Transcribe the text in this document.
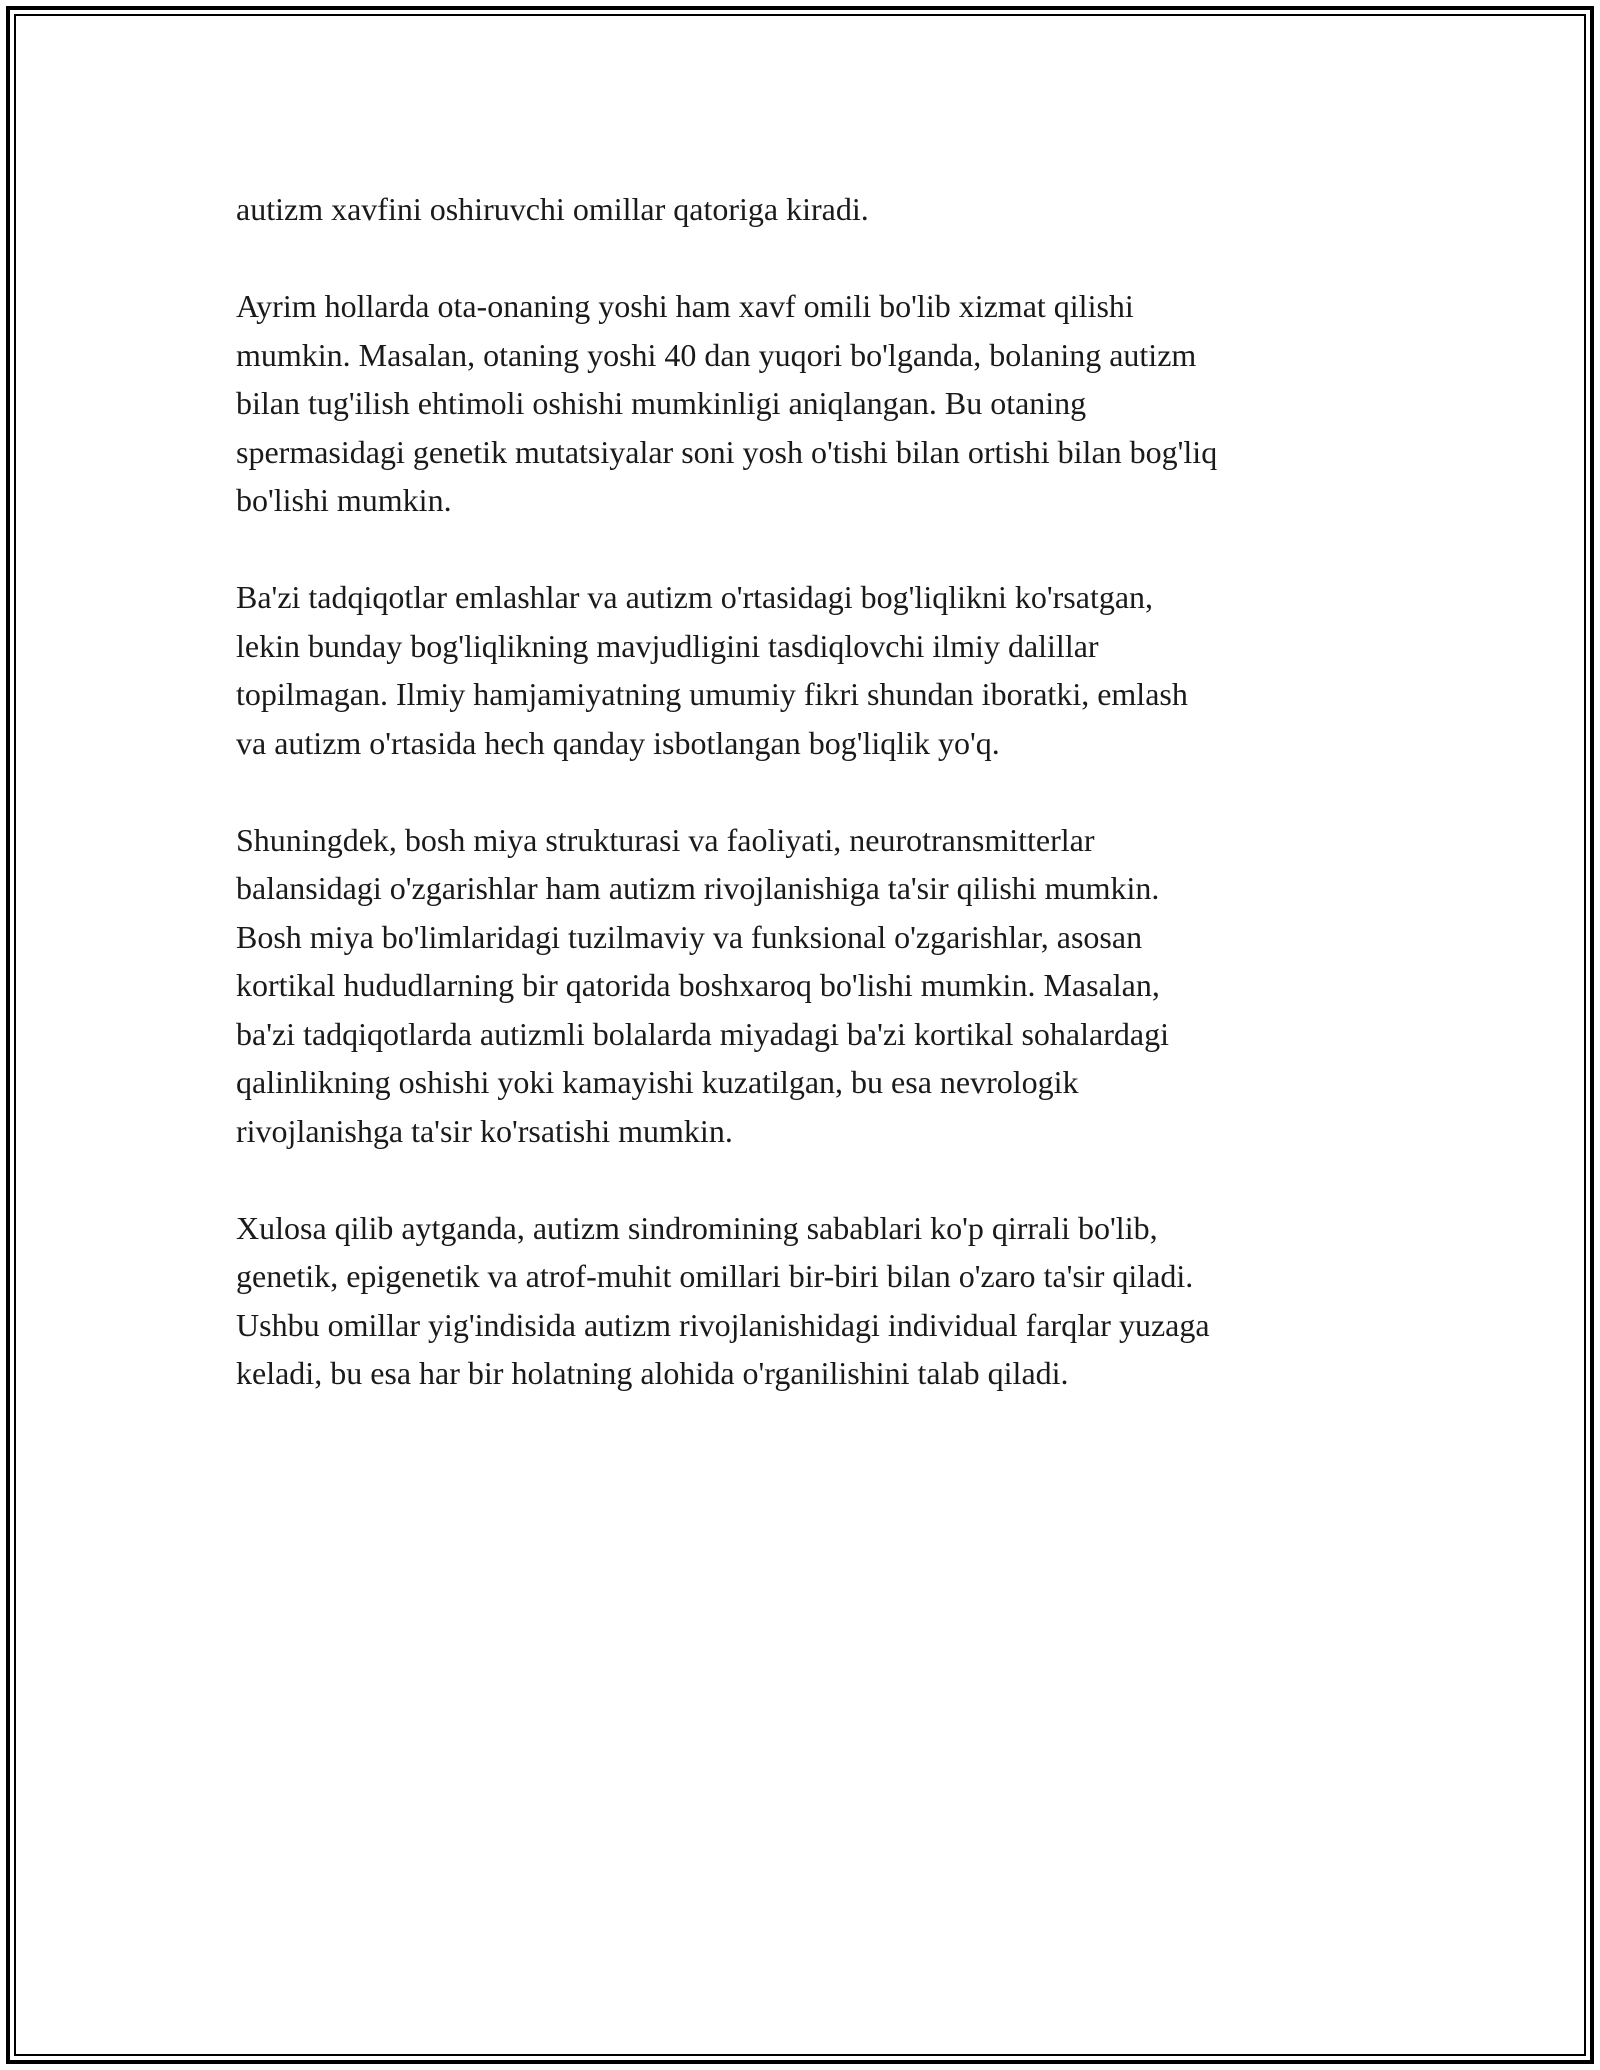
autizm xavfini oshiruvchi omillar qatoriga kiradi.

Ayrim hollarda ota-onaning yoshi ham xavf omili bo'lib xizmat qilishi
mumkin. Masalan, otaning yoshi 40 dan yuqori bo'lganda, bolaning autizm
bilan tug'ilish ehtimoli oshishi mumkinligi aniqlangan. Bu otaning
spermasidagi genetik mutatsiyalar soni yosh o'tishi bilan ortishi bilan bog'liq
bo'lishi mumkin.

Ba'zi tadqiqotlar emlashlar va autizm o'rtasidagi bog'liqlikni ko'rsatgan,
lekin bunday bog'liqlikning mavjudligini tasdiqlovchi ilmiy dalillar
topilmagan. Ilmiy hamjamiyatning umumiy fikri shundan iboratki, emlash
va autizm o'rtasida hech qanday isbotlangan bog'liqlik yo'q.

Shuningdek, bosh miya strukturasi va faoliyati, neurotransmitterlar
balansidagi o'zgarishlar ham autizm rivojlanishiga ta'sir qilishi mumkin.
Bosh miya bo'limlaridagi tuzilmaviy va funksional o'zgarishlar, asosan
kortikal hududlarning bir qatorida boshxaroq bo'lishi mumkin. Masalan,
ba'zi tadqiqotlarda autizmli bolalarda miyadagi ba'zi kortikal sohalardagi
qalinlikning oshishi yoki kamayishi kuzatilgan, bu esa nevrologik
rivojlanishga ta'sir ko'rsatishi mumkin.

Xulosa qilib aytganda, autizm sindromining sabablari ko'p qirrali bo'lib,
genetik, epigenetik va atrof-muhit omillari bir-biri bilan o'zaro ta'sir qiladi.
Ushbu omillar yig'indisida autizm rivojlanishidagi individual farqlar yuzaga
keladi, bu esa har bir holatning alohida o'rganilishini talab qiladi.
